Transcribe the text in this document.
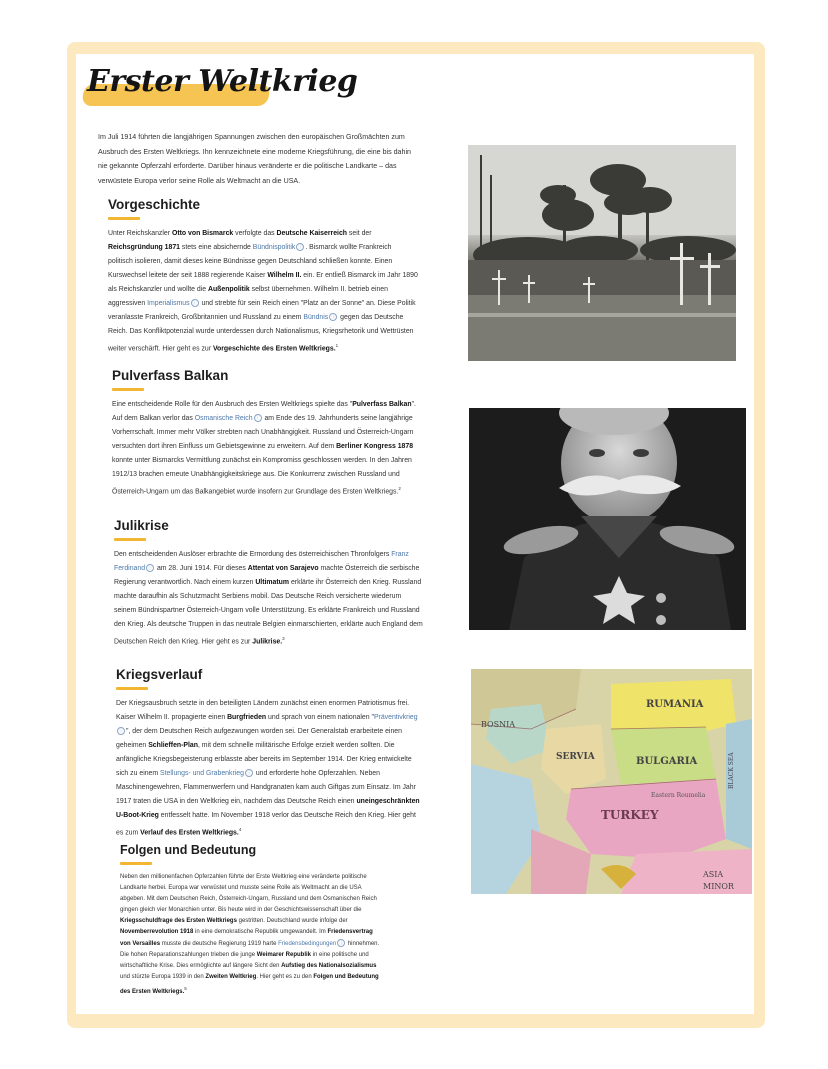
Erster Weltkrieg
Im Juli 1914 führten die langjährigen Spannungen zwischen den europäischen Großmächten zum Ausbruch des Ersten Weltkriegs. Ihn kennzeichnete eine moderne Kriegsführung, die eine bis dahin nie gekannte Opferzahl erforderte. Darüber hinaus veränderte er die politische Landkarte – das verwüstete Europa verlor seine Rolle als Weltmacht an die USA.
Vorgeschichte

Unter Reichskanzler Otto von Bismarck verfolgte das Deutsche Kaiserreich seit der Reichsgründung 1871 stets eine absichernde Bündnispolitik ⓘ . Bismarck wollte Frankreich politisch isolieren, damit dieses keine Bündnisse gegen Deutschland schließen konnte. Einen Kurswechsel leitete der seit 1888 regierende Kaiser Wilhelm II. ein. Er entließ Bismarck im Jahr 1890 als Reichskanzler und wollte die Außenpolitik selbst übernehmen. Wilhelm II. betrieb einen aggressiven Imperialismus ⓘ und strebte für sein Reich einen "Platz an der Sonne" an. Diese Politik veranlasste Frankreich, Großbritannien und Russland zu einem Bündnis ⓘ gegen das Deutsche Reich. Das Konfliktpotenzial wurde unterdessen durch Nationalismus, Kriegsrhetorik und Wettrüsten weiter verschärft. Hier geht es zur Vorgeschichte des Ersten Weltkriegs.$^1$

Pulverfass Balkan

Eine entscheidende Rolle für den Ausbruch des Ersten Weltkriegs spielte das "Pulverfass Balkan". Auf dem Balkan verlor das Osmanische Reich ⓘ am Ende des 19. Jahrhunderts seine langjährige Vorherrschaft. Immer mehr Völker strebten nach Unabhängigkeit. Russland und Österreich-Ungarn versuchten dort ihren Einfluss um Gebietsgewinne zu erweitern. Auf dem Berliner Kongress 1878 konnte unter Bismarcks Vermittlung zunächst ein Kompromiss geschlossen werden. In den Jahren 1912/13 brachen erneute Unabhängigkeitskriege aus. Die Konkurrenz zwischen Russland und Österreich-Ungarn um das Balkangebiet wurde insofern zur Grundlage des Ersten Weltkriegs.$^2$

Julikrise

Den entscheidenden Auslöser erbrachte die Ermordung des österreichischen Thronfolgers Franz Ferdinand ⓘ am 28. Juni 1914. Für dieses Attentat von Sarajevo machte Österreich die serbische Regierung verantwortlich. Nach einem kurzen Ultimatum erklärte ihr Österreich den Krieg. Russland machte daraufhin als Schutzmacht Serbiens mobil. Das Deutsche Reich versicherte wiederum seinem Bündnispartner Österreich-Ungarn volle Unterstützung. Es erklärte Frankreich und Russland den Krieg. Als deutsche Truppen in das neutrale Belgien einmarschierten, erklärte auch England dem Deutschen Reich den Krieg. Hier geht es zur Julikrise.$^3$

Kriegsverlauf

Der Kriegsausbruch setzte in den beteiligten Ländern zunächst einen enormen Patriotismus frei. Kaiser Wilhelm II. propagierte einen Burgfrieden und sprach von einem nationalen "Präventivkriegⓘ ", der dem Deutschen Reich aufgezwungen worden sei. Der Generalstab erarbeitete einen geheimen Schlieffen-Plan, mit dem schnelle militärische Erfolge erzielt werden sollten. Die anfängliche Kriegsbegeisterung erblasste aber bereits im September 1914. Der Krieg entwickelte sich zu einem Stellungs- und Grabenkrieg ⓘ und erforderte hohe Opferzahlen. Neben Maschinengewehren, Flammenwerfern und Handgranaten kam auch Giftgas zum Einsatz. Im Jahr 1917 traten die USA in den Weltkrieg ein, nachdem das Deutsche Reich einen uneingeschränkten U-Boot-Krieg entfesselt hatte. Im November 1918 verlor das Deutsche Reich den Krieg. Hier geht es zum Verlauf des Ersten Weltkriegs.$^4$

Folgen und Bedeutung

Neben den millionenfachen Opferzahlen führte der Erste Weltkrieg eine veränderte politische Landkarte herbei. Europa war verwüstet und musste seine Rolle als Weltmacht an die USA abgeben. Mit dem Deutschen Reich, Österreich-Ungarn, Russland und dem Osmanischen Reich gingen gleich vier Monarchien unter. Bis heute wird in der Geschichtswissenschaft über die Kriegsschuldfrage des Ersten Weltkriegs gestritten. Deutschland wurde infolge der Novemberrevolution 1918 in eine demokratische Republik umgewandelt. Im Friedensvertrag von Versailles musste die deutsche Regierung 1919 harte Friedensbedingungen ⓘ hinnehmen. Die hohen Reparationszahlungen trieben die junge Weimarer Republik in eine politische und wirtschaftliche Krise. Dies ermöglichte auf längere Sicht den Aufstieg des Nationalsozialismus und stürzte Europa 1939 in den Zweiten Weltkrieg. Hier geht es zu den Folgen und Bedeutung des Ersten Weltkriegs.$^5$

RUMANIA
BOSNIA
SERVIA	BULGARIA
Eastern Roumelia
TURKEY
BLACK SEA
ASIA
MINOR
